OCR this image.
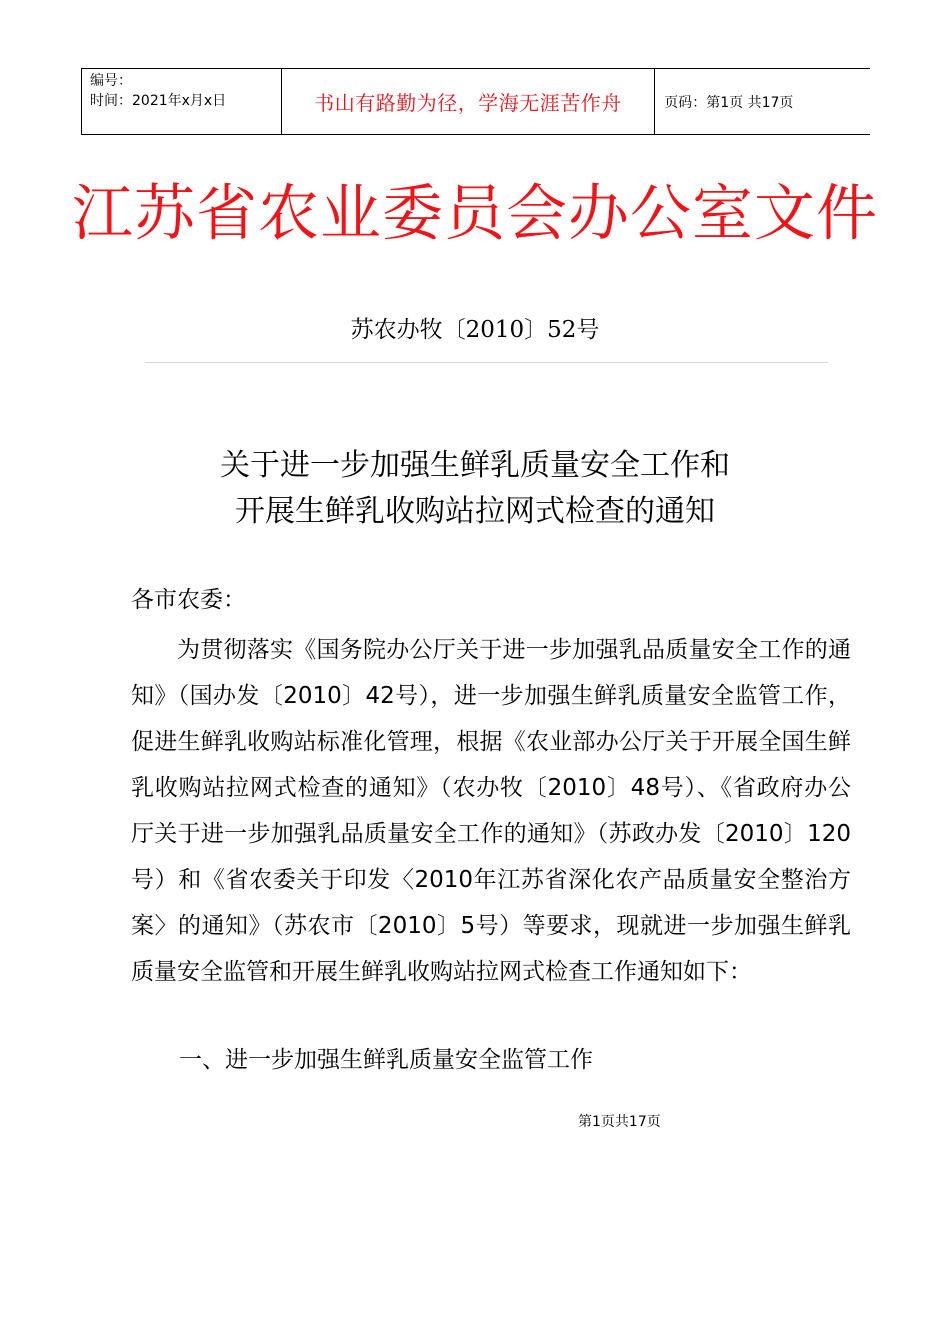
编号：
时间：2021年x月x日	书山有路勤为径，学海无涯苦作舟	页码：第1页 共17页
江苏省农业委员会办公室文件
苏农办牧〔2010〕52号
关于进一步加强生鲜乳质量安全工作和
开展生鲜乳收购站拉网式检查的通知
各市农委：
为贯彻落实《国务院办公厅关于进一步加强乳品质量安全工作的通知》（国办发〔2010〕42号），进一步加强生鲜乳质量安全监管工作，促进生鲜乳收购站标准化管理，根据《农业部办公厅关于开展全国生鲜乳收购站拉网式检查的通知》（农办牧〔2010〕48号）、《省政府办公厅关于进一步加强乳品质量安全工作的通知》（苏政办发〔2010〕120号）和《省农委关于印发〈2010年江苏省深化农产品质量安全整治方案〉的通知》（苏农市〔2010〕5号）等要求，现就进一步加强生鲜乳质量安全监管和开展生鲜乳收购站拉网式检查工作通知如下：
一、进一步加强生鲜乳质量安全监管工作
第1页共17页
